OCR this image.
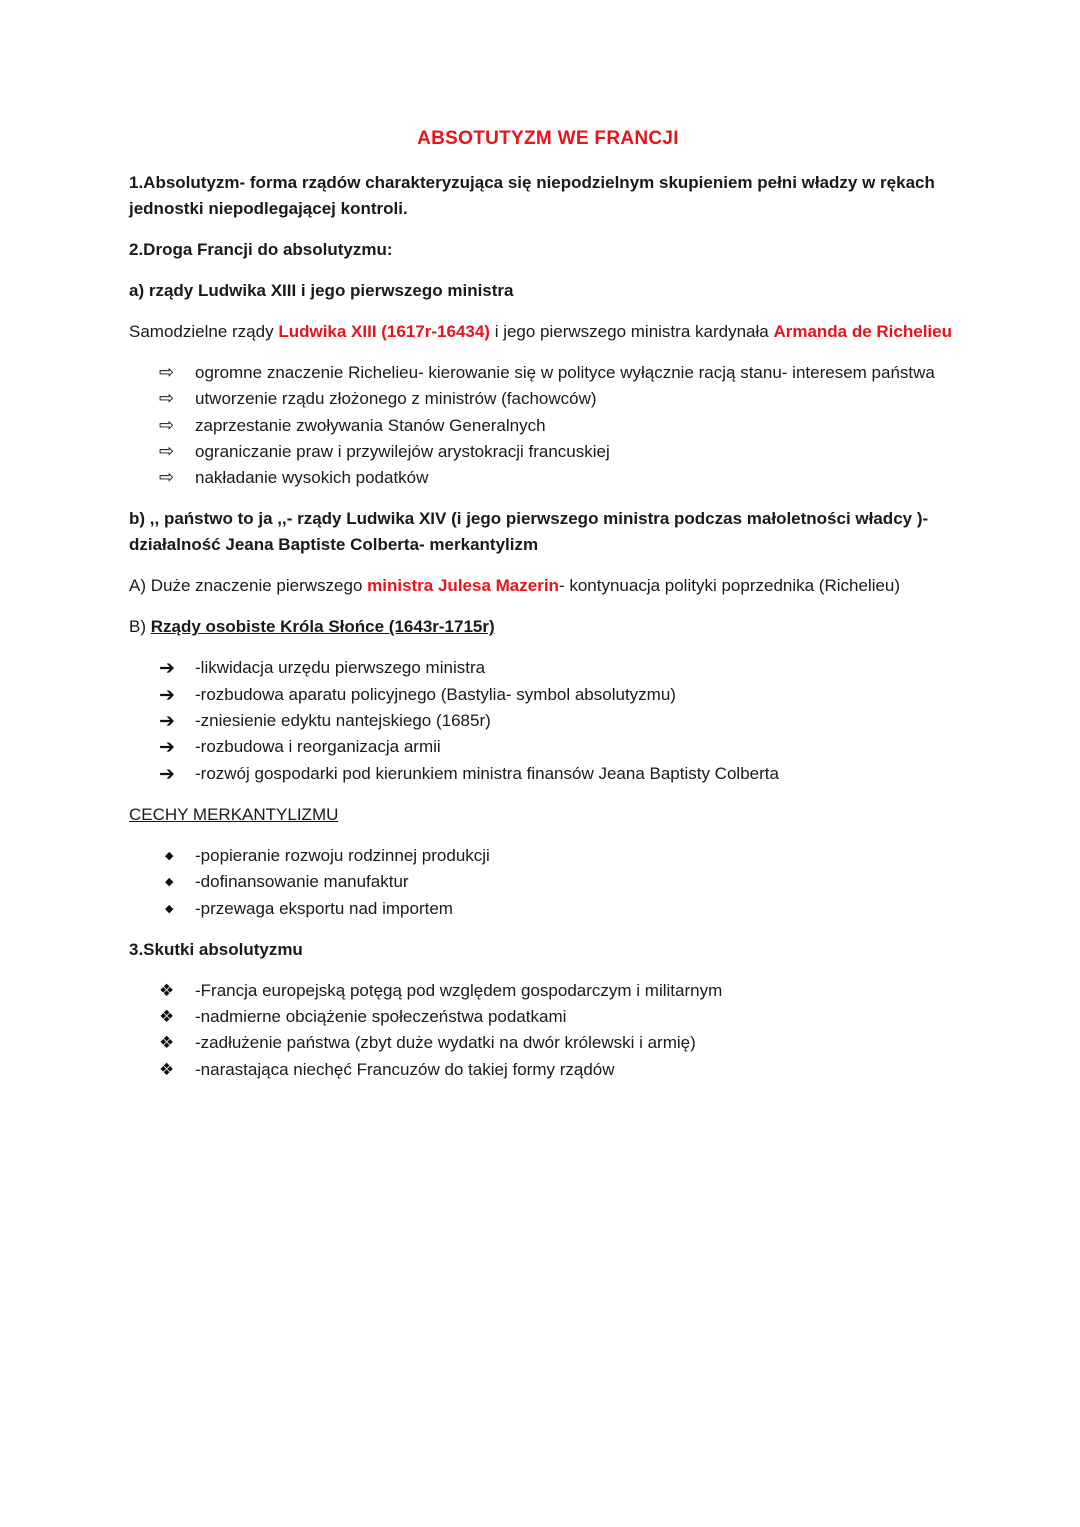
ABSOTUTYZM WE FRANCJI

1.Absolutyzm- forma rządów charakteryzująca się niepodzielnym skupieniem pełni władzy w rękach jednostki niepodlegającej kontroli.

2.Droga Francji do absolutyzmu:

a) rządy Ludwika XIII i jego pierwszego ministra

Samodzielne rządy Ludwika XIII (1617r-16434) i jego pierwszego ministra kardynała Armanda de Richelieu

⇨	ogromne znaczenie Richelieu- kierowanie się w polityce wyłącznie racją stanu- interesem państwa
⇨	utworzenie rządu złożonego z ministrów (fachowców)
⇨	zaprzestanie zwoływania Stanów Generalnych
⇨	ograniczanie praw i przywilejów arystokracji francuskiej
⇨	nakładanie wysokich podatków

b) ,, państwo to ja ,,- rządy Ludwika XIV (i jego pierwszego ministra podczas małoletności władcy )- działalność Jeana Baptiste Colberta- merkantylizm

A) Duże znaczenie pierwszego ministra Julesa Mazerin- kontynuacja polityki poprzednika (Richelieu)

B) Rządy osobiste Króla Słońce (1643r-1715r)

➔	-likwidacja urzędu pierwszego ministra
➔	-rozbudowa aparatu policyjnego (Bastylia- symbol absolutyzmu)
➔	-zniesienie edyktu nantejskiego (1685r)
➔	-rozbudowa i reorganizacja armii
➔	-rozwój gospodarki pod kierunkiem ministra finansów Jeana Baptisty Colberta

CECHY MERKANTYLIZMU

◆	-popieranie rozwoju rodzinnej produkcji
◆	-dofinansowanie manufaktur
◆	-przewaga eksportu nad importem

3.Skutki absolutyzmu

❖	-Francja europejską potęgą pod względem gospodarczym i militarnym
❖	-nadmierne obciążenie społeczeństwa podatkami
❖	-zadłużenie państwa (zbyt duże wydatki na dwór królewski i armię)
❖	-narastająca niechęć Francuzów do takiej formy rządów
